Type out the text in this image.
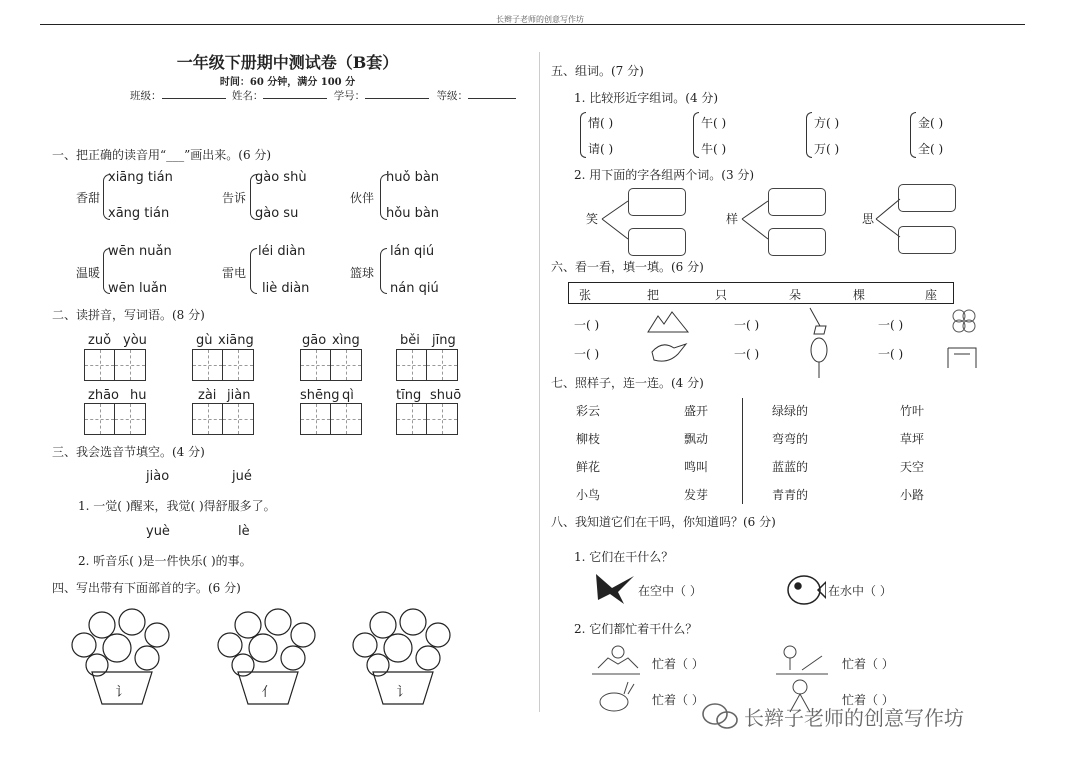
长辫子老师的创意写作坊
一年级下册期中测试卷（B套）
时间：60 分钟，满分 100 分
班级：	姓名：	学号：	等级：
一、把正确的读音用“___”画出来。(6 分)
香甜
xiāng tián
xāng tián
告诉
gào shù
gào su
伙伴
huǒ bàn
hǒu bàn
温暖
wēn nuǎn
wēn luǎn
雷电
léi diàn
liè diàn
篮球
lán qiú
nán qiú
二、读拼音，写词语。(8 分)
zuǒ yòu	gù xiāng	gāo xìng	běi jīng
zhāo hu	zài jiàn	shēng qì	tīng shuō
三、我会选音节填空。(4 分)
jiào	jué
1. 一觉( )醒来，我觉( )得舒服多了。
yuè	lè
2. 听音乐( )是一件快乐( )的事。
四、写出带有下面部首的字。(6 分)
讠	亻	讠
五、组词。(7 分)
1. 比较形近字组词。(4 分)
情( )
请( )
午( )
牛( )
方( )
万( )
金( )
全( )
2. 用下面的字各组两个词。(3 分)
笑	样	思
六、看一看，填一填。(6 分)
张	把	只	朵	棵	座
一( )	一( )	一( )
一( )	一( )	一( )
七、照样子，连一连。(4 分)
彩云
柳枝
鲜花
小鸟
盛开
飘动
鸣叫
发芽
绿绿的
弯弯的
蓝蓝的
青青的
竹叶
草坪
天空
小路
八、我知道它们在干吗，你知道吗？(6 分)
1. 它们在干什么？
在空中（ ）	在水中（ ）
2. 它们都忙着干什么？
忙着（ ）	忙着（ ）
忙着（ ）	忙着（ ）
长辫子老师的创意写作坊
